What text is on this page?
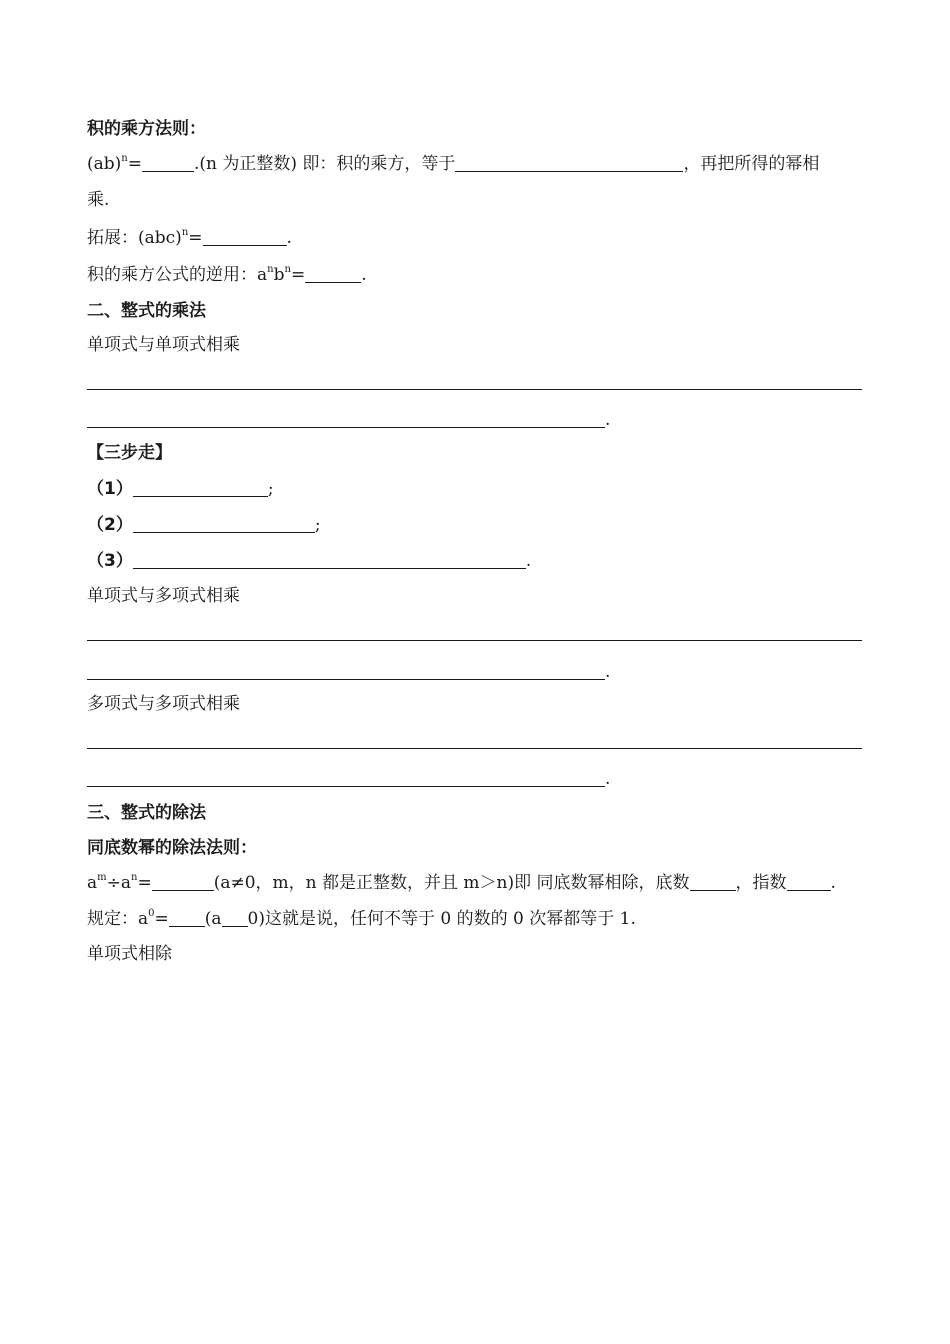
积的乘方法则：
(ab)$^n$=	.(n 为正整数) 即：积的乘方，等于	，再把所得的幂相
乘.
拓展：(abc)$^n$=	.
积的乘方公式的逆用：$a^nb^n=$	.
二、整式的乘法
单项式与单项式相乘
.
【三步走】
（1）	;
（2）	;
（3）	.
单项式与多项式相乘
.
多项式与多项式相乘
.
三、整式的除法
同底数幂的除法法则：
$a^m\div a^n=$	(a≠0，m，n 都是正整数，并且 m＞n)即 同底数幂相除，底数	，指数	.
规定：$a^0= (a$ 0)这就是说，任何不等于 0 的数的 0 次幂都等于 1.
单项式相除
